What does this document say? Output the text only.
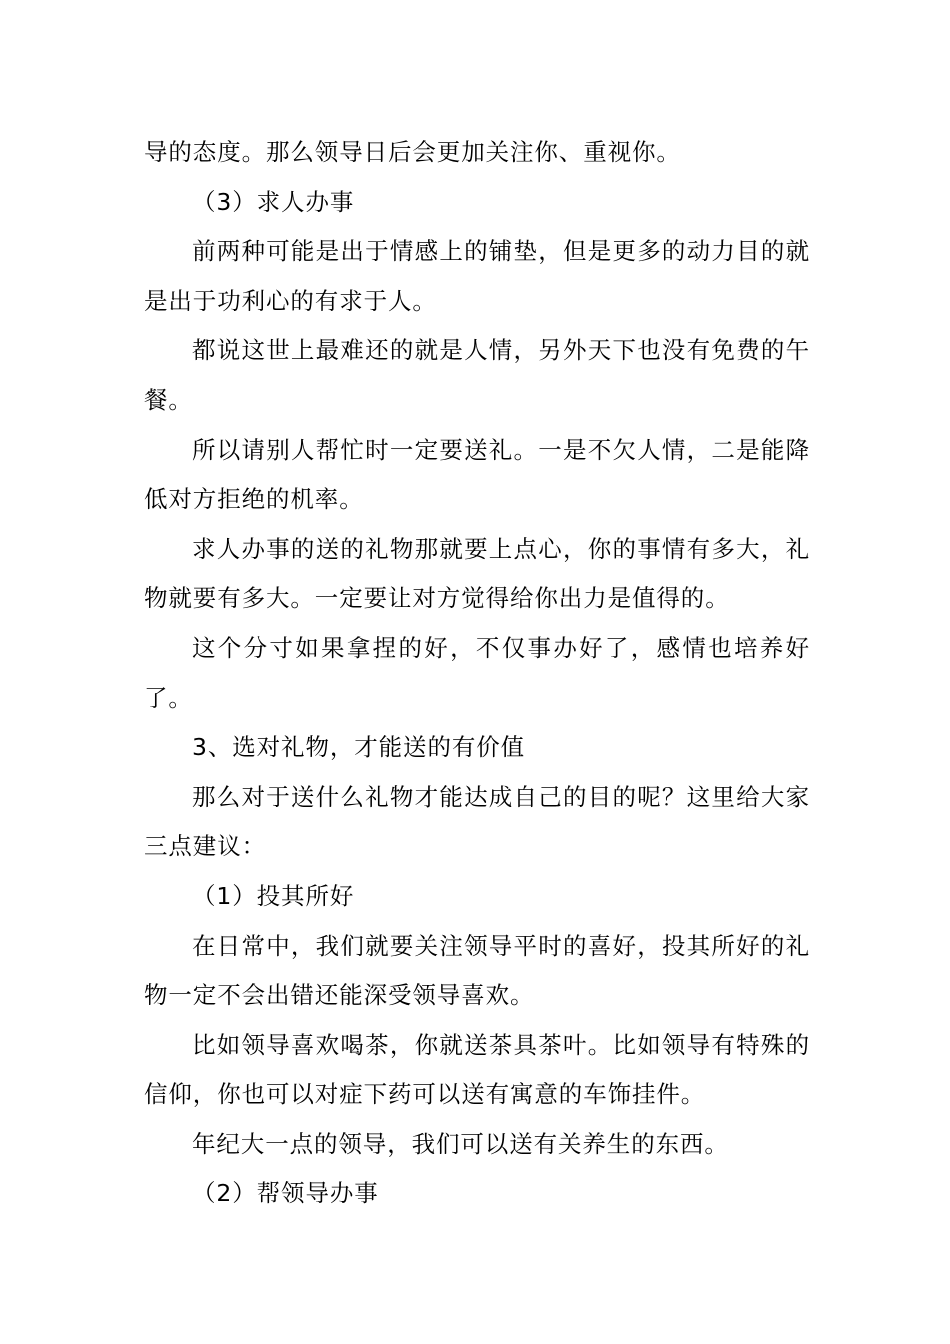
导的态度。那么领导日后会更加关注你、重视你。

（3）求人办事

前两种可能是出于情感上的铺垫，但是更多的动力目的就是出于功利心的有求于人。

都说这世上最难还的就是人情，另外天下也没有免费的午餐。

所以请别人帮忙时一定要送礼。一是不欠人情，二是能降低对方拒绝的机率。

求人办事的送的礼物那就要上点心，你的事情有多大，礼物就要有多大。一定要让对方觉得给你出力是值得的。

这个分寸如果拿捏的好，不仅事办好了，感情也培养好了。

3、选对礼物，才能送的有价值

那么对于送什么礼物才能达成自己的目的呢？这里给大家三点建议：

（1）投其所好

在日常中，我们就要关注领导平时的喜好，投其所好的礼物一定不会出错还能深受领导喜欢。

比如领导喜欢喝茶，你就送茶具茶叶。比如领导有特殊的信仰，你也可以对症下药可以送有寓意的车饰挂件。

年纪大一点的领导，我们可以送有关养生的东西。

（2）帮领导办事
